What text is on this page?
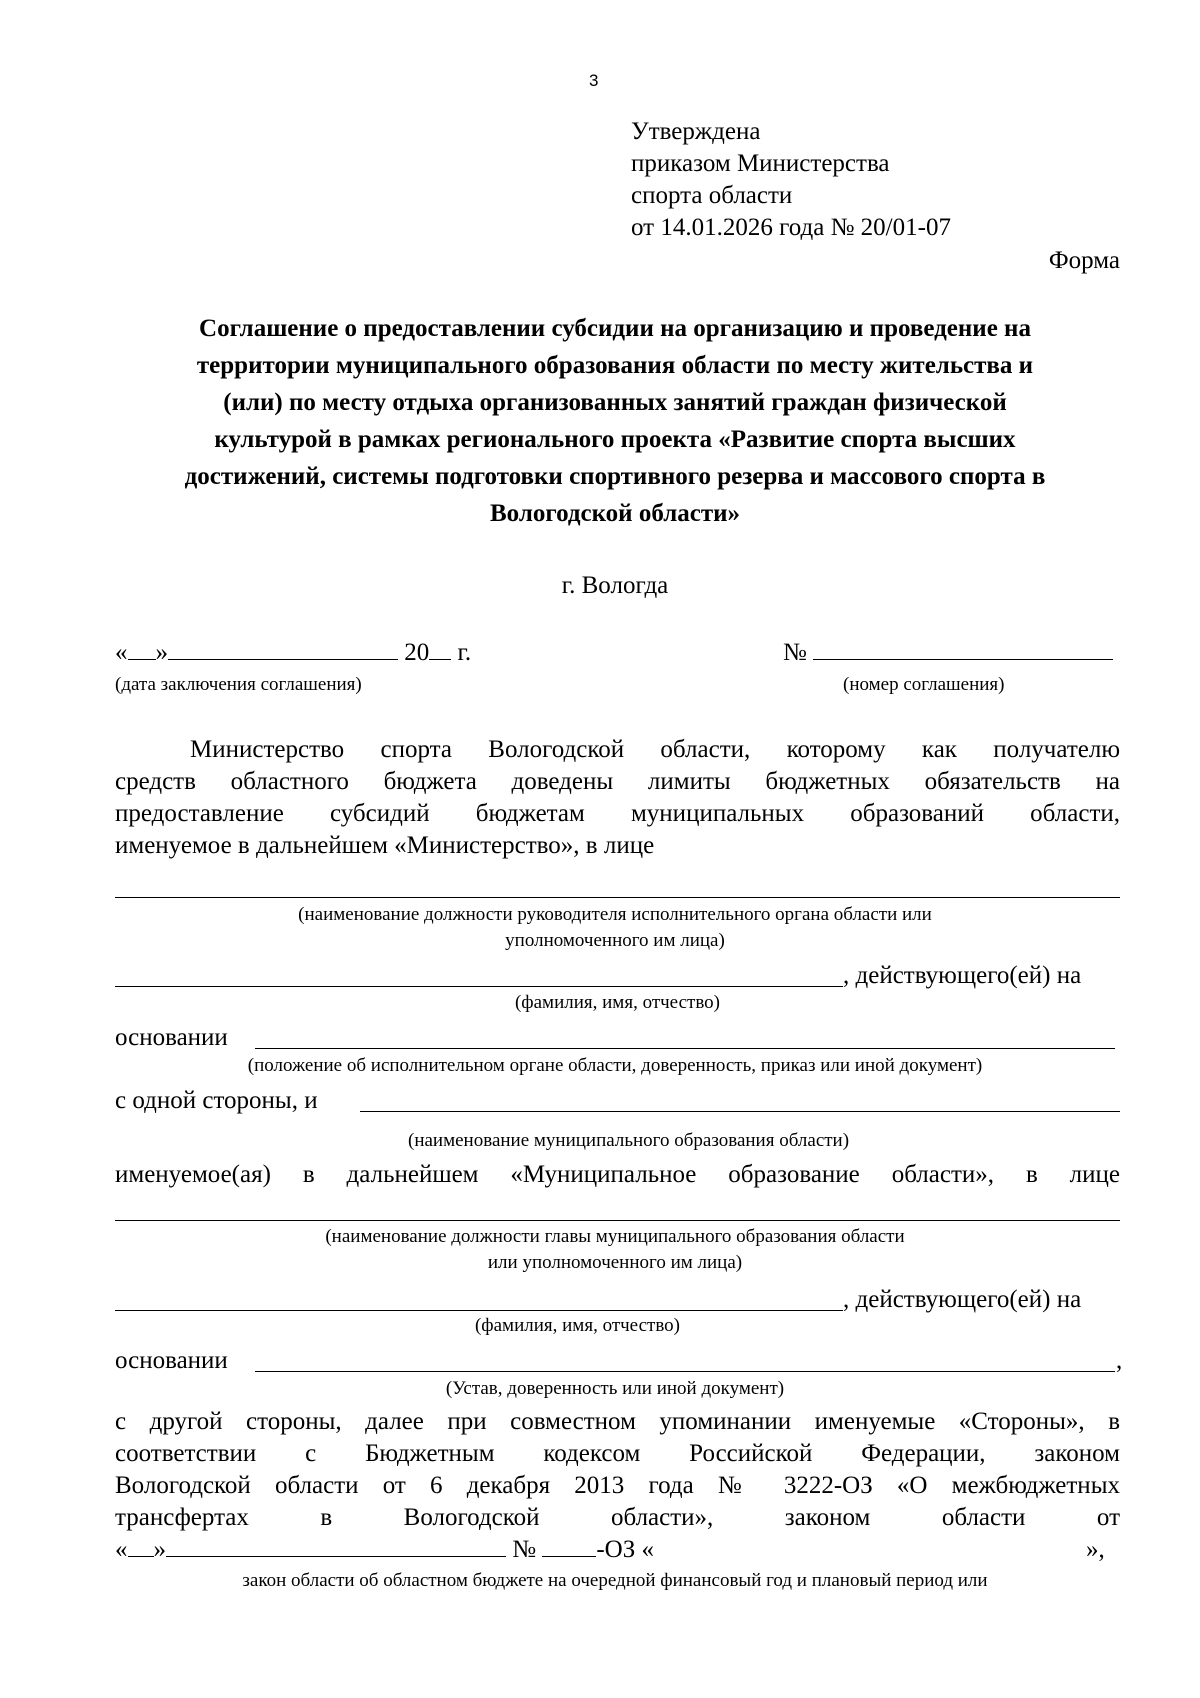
3
Утверждена
приказом Министерства
спорта области
от 14.01.2026 года № 20/01-07
Форма
Соглашение о предоставлении субсидии на организацию и проведение на
территории муниципального образования области по месту жительства и
(или) по месту отдыха организованных занятий граждан физической
культурой в рамках регионального проекта «Развитие спорта высших
достижений, системы подготовки спортивного резерва и массового спорта в
Вологодской области»
г. Вологда
« »	20 г.	№
(дата заключения соглашения)	(номер соглашения)
Министерство спорта Вологодской области, которому как получателю
средств областного бюджета доведены лимиты бюджетных обязательств на
предоставление субсидий бюджетам муниципальных образований области,
именуемое в дальнейшем «Министерство», в лице
(наименование должности руководителя исполнительного органа области или
уполномоченного им лица)
, действующего(ей) на
(фамилия, имя, отчество)
основании
(положение об исполнительном органе области, доверенность, приказ или иной документ)
с одной стороны, и
(наименование муниципального образования области)
именуемое(ая) в дальнейшем «Муниципальное образование области», в лице
(наименование должности главы муниципального образования области
или уполномоченного им лица)
, действующего(ей) на
(фамилия, имя, отчество)
основании	,
(Устав, доверенность или иной документ)
с другой стороны, далее при совместном упоминании именуемые «Стороны», в
соответствии с Бюджетным кодексом Российской Федерации, законом
Вологодской области от 6 декабря 2013 года № 3222-ОЗ «О межбюджетных
трансфертах в Вологодской области», законом области от
« »	№ -ОЗ «	»,
закон области об областном бюджете на очередной финансовый год и плановый период или
